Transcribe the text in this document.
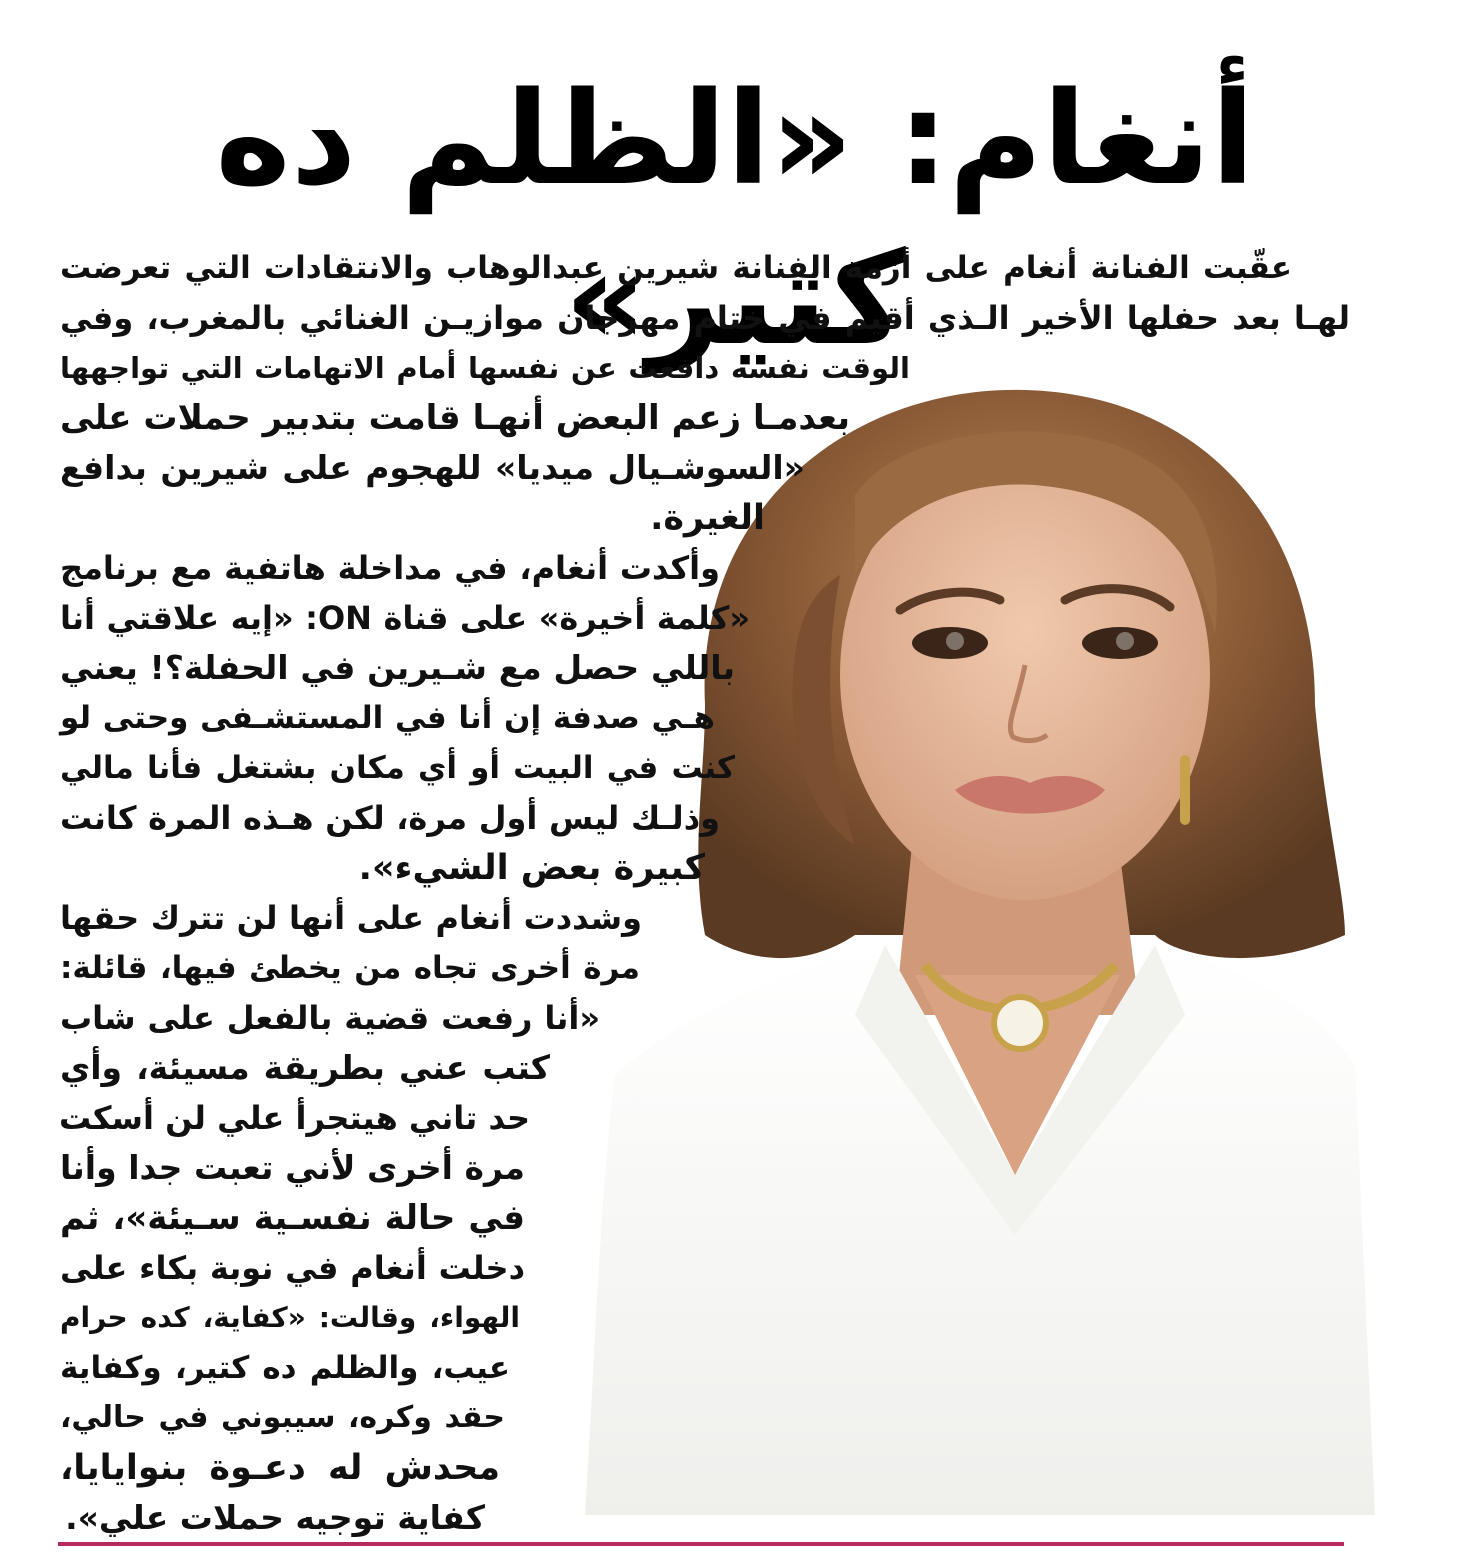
أنغام: «الظلم ده كتير»

عقّبت الفنانة أنغام على أزمة الفنانة شيرين عبدالوهاب والانتقادات التي تعرضت

لهـا بعد حفلها الأخير الـذي أقيم في ختام مهرجان موازيـن الغنائي بالمغرب، وفي

الوقت نفسه دافعت عن نفسها أمام الاتهامات التي تواجهها

بعدمـا زعم البعض أنهـا قامت بتدبير حملات على

«السوشـيال ميديا» للهجوم على شيرين بدافع

الغيرة.

وأكدت أنغام، في مداخلة هاتفية مع برنامج

«كلمة أخيرة» على قناة ON: «إيه علاقتي أنا

باللي حصل مع شـيرين في الحفلة؟! يعني

هـي صدفة إن أنا في المستشـفى وحتى لو

كنت في البيت أو أي مكان بشتغل فأنا مالي

وذلـك ليس أول مرة، لكن هـذه المرة كانت

كبيرة بعض الشيء».

وشددت أنغام على أنها لن تترك حقها

مرة أخرى تجاه من يخطئ فيها، قائلة:

«أنا رفعت قضية بالفعل على شاب

كتب عني بطريقة مسيئة، وأي

حد تاني هيتجرأ علي لن أسكت

مرة أخرى لأني تعبت جدا وأنا

في حالة نفسـية سـيئة»، ثم

دخلت أنغام في نوبة بكاء على

الهواء، وقالت: «كفاية، كده حرام

عيب، والظلم ده كتير، وكفاية

حقد وكره، سيبوني في حالي،

محدش له دعـوة بنوايايا،

كفاية توجيه حملات علي».
